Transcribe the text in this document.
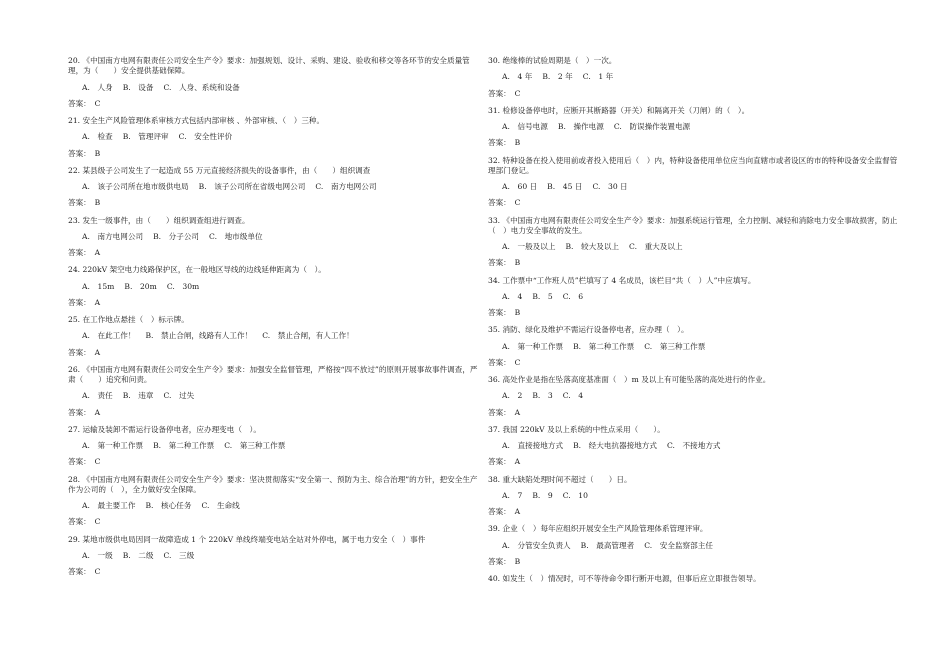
20. 《中国南方电网有限责任公司安全生产令》要求：加强规划、设计、采购、建设、验收和移交等各环节的安全质量管理，为（　　）安全提供基础保障。

A.　人身 B.　设备 C.　人身、系统和设备

答案：　C

21. 安全生产风险管理体系审核方式包括内部审核 、外部审核、（　）三种。

A.　检查 B.　管理评审 C.　安全性评价

答案：　B

22. 某县级子公司发生了一起造成 55 万元直接经济损失的设备事件，由（　　）组织调查

A.　该子公司所在地市级供电局 B.　该子公司所在省级电网公司 C.　南方电网公司

答案：　B

23. 发生一级事件，由（　　）组织调查组进行调查。

A.　南方电网公司 B.　分子公司 C.　地市级单位

答案：　A

24. 220kV 架空电力线路保护区，在一般地区导线的边线延伸距离为（　）。

A.　15m B.　20m C.　30m

答案：　A

25. 在工作地点悬挂（　）标示牌。

A.　在此工作！ B.　禁止合闸，线路有人工作！ C.　禁止合闸，有人工作！

答案：　A

26. 《中国南方电网有限责任公司安全生产令》要求：加强安全监督管理，严格按“四不放过”的原则开展事故事件调查，严肃（　　）追究和问责。

A.　责任 B.　违章 C.　过失

答案：　A

27. 运输及装卸不需运行设备停电者，应办理变电（　）。

A.　第一种工作票 B.　第二种工作票 C.　第三种工作票

答案：　C

28. 《中国南方电网有限责任公司安全生产令》要求：坚决贯彻落实“安全第一、预防为主、综合治理”的方针，把安全生产作为公司的（　），全力做好安全保障。

A.　最主要工作 B.　核心任务 C.　生命线

答案：　C

29. 某地市级供电局因同一故障造成 1 个 220kV 单线终端变电站全站对外停电，属于电力安全（　）事件

A.　一级 B.　二级 C.　三级

答案：　C

30. 绝缘棒的试验周期是（　）一次。

A.　4 年 B.　2 年 C.　1 年

答案：　C

31. 检修设备停电时，应断开其断路器（开关）和隔离开关（刀闸）的（　）。

A.　信号电源 B.　操作电源 C.　防误操作装置电源

答案：　B

32. 特种设备在投入使用前或者投入使用后（　）内，特种设备使用单位应当向直辖市或者设区的市的特种设备安全监督管理部门登记。

A.　60 日 B.　45 日 C.　30 日

答案：　C

33. 《中国南方电网有限责任公司安全生产令》要求：加强系统运行管理，全力控制、减轻和消除电力安全事故损害，防止（　）电力安全事故的发生。

A.　一般及以上 B.　较大及以上 C.　重大及以上

答案：　B

34. 工作票中“工作班人员”栏填写了 4 名成员，该栏目“共（　）人”中应填写。

A.　4 B.　5 C.　6

答案：　B

35. 消防、绿化及维护不需运行设备停电者，应办理（　）。

A.　第一种工作票 B.　第二种工作票 C.　第三种工作票

答案：　C

36. 高处作业是指在坠落高度基准面（　）m 及以上有可能坠落的高处进行的作业。

A.　2 B.　3 C.　4

答案：　A

37. 我国 220kV 及以上系统的中性点采用（　　）。

A.　直接接地方式 B.　经大电抗器接地方式 C.　不接地方式

答案：　A

38. 重大缺陷处理时间不超过（　　）日。

A.　7 B.　9 C.　10

答案：　A

39. 企业（　）每年应组织开展安全生产风险管理体系管理评审。

A.　分管安全负责人 B.　最高管理者 C.　安全监察部主任

答案：　B

40. 如发生（　）情况时，可不等待命令即行断开电源，但事后应立即报告领导。
